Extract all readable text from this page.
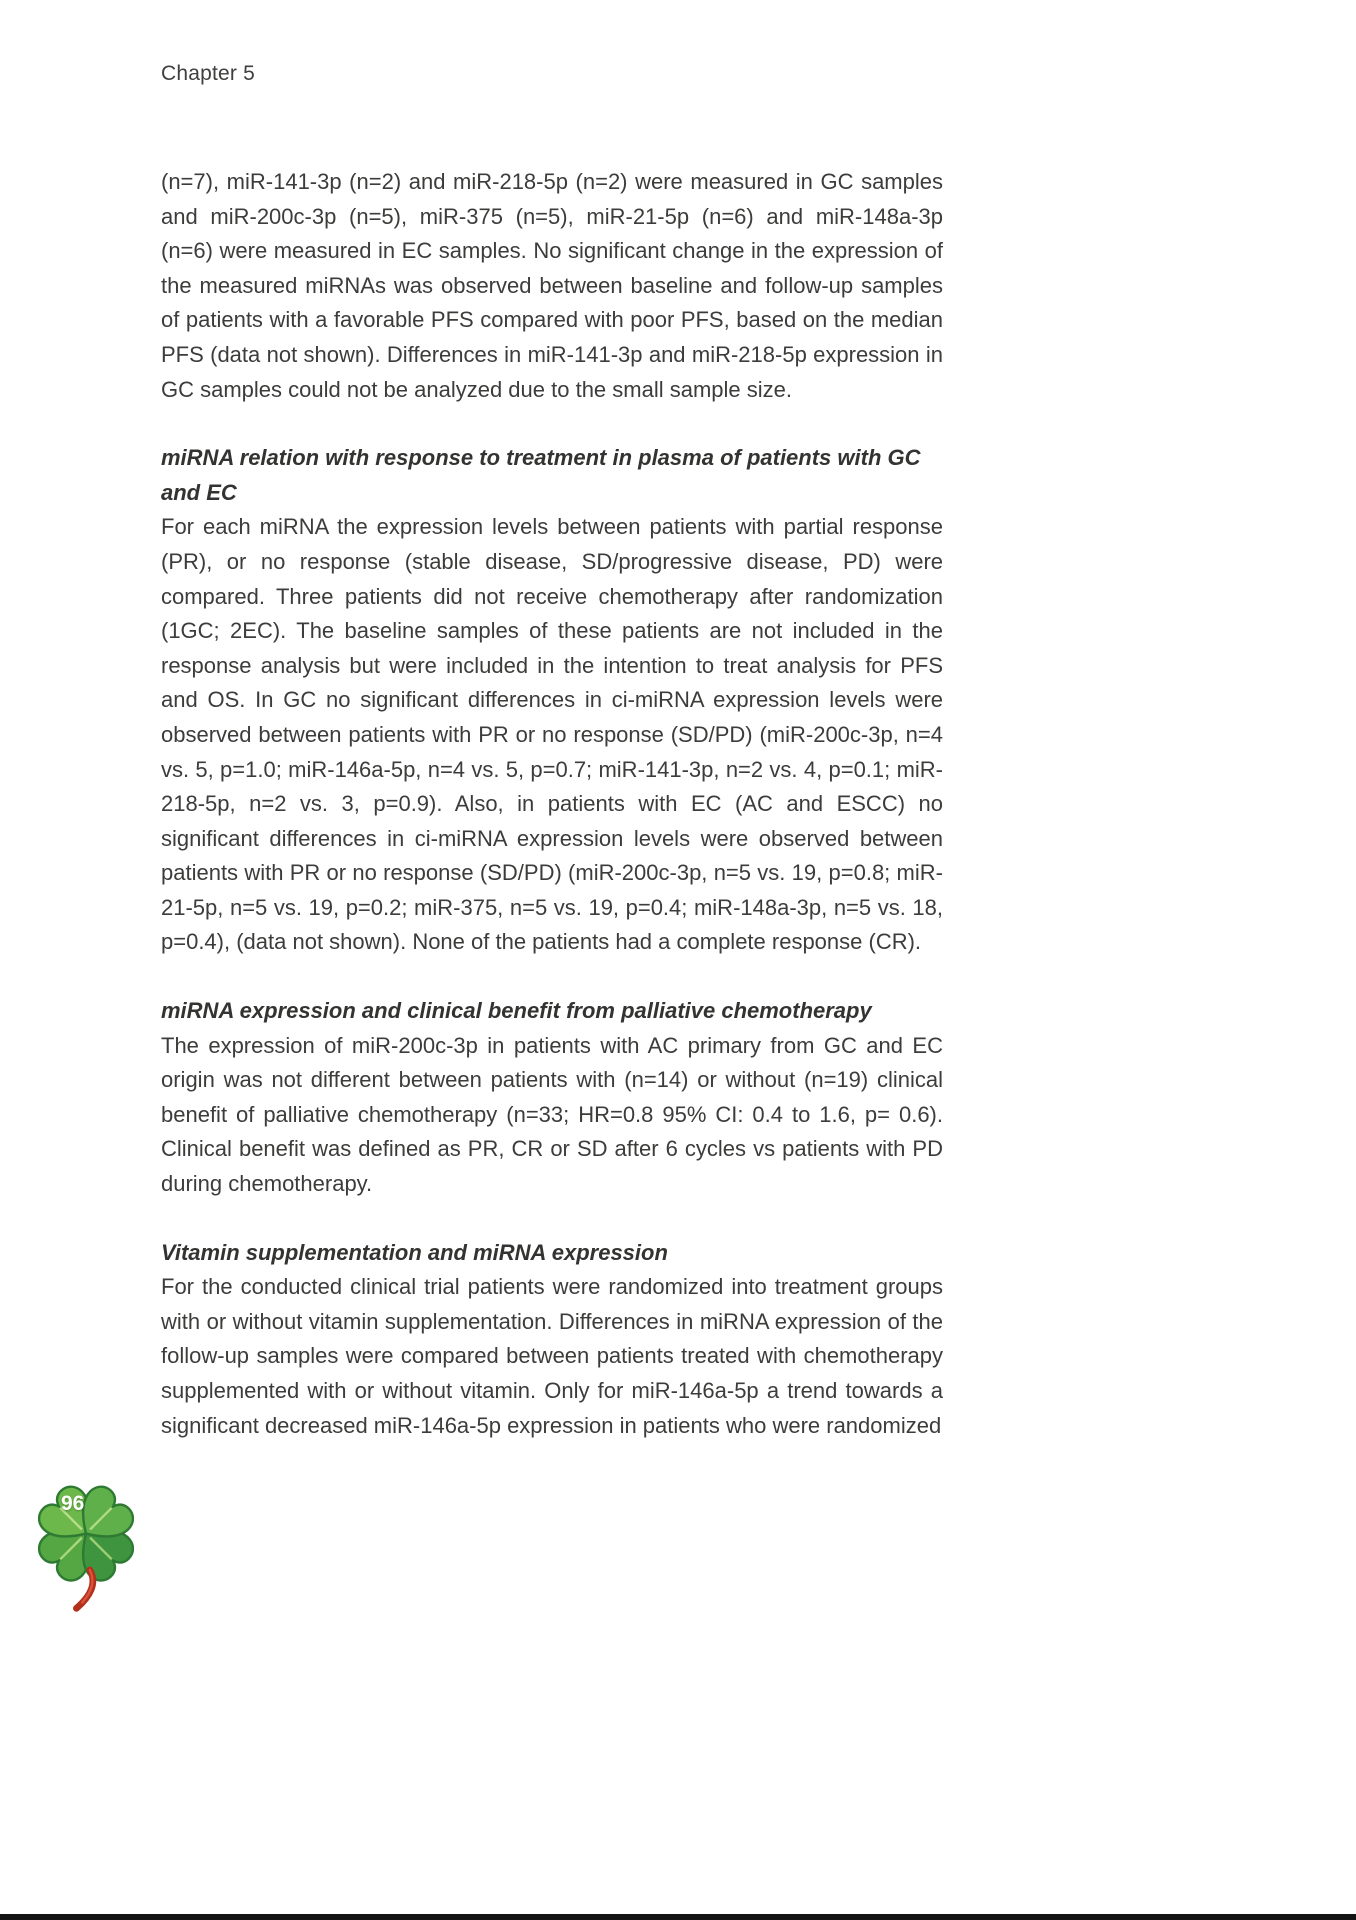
Chapter 5

(n=7), miR-141-3p (n=2) and miR-218-5p (n=2) were measured in GC samples and miR-200c-3p (n=5), miR-375 (n=5), miR-21-5p (n=6) and miR-148a-3p (n=6) were measured in EC samples. No significant change in the expression of the measured miRNAs was observed between baseline and follow-up samples of patients with a favorable PFS compared with poor PFS, based on the median PFS (data not shown). Differences in miR-141-3p and miR-218-5p expression in GC samples could not be analyzed due to the small sample size.

miRNA relation with response to treatment in plasma of patients with GC and EC

For each miRNA the expression levels between patients with partial response (PR), or no response (stable disease, SD/progressive disease, PD) were compared. Three patients did not receive chemotherapy after randomization (1GC; 2EC). The baseline samples of these patients are not included in the response analysis but were included in the intention to treat analysis for PFS and OS. In GC no significant differences in ci-miRNA expression levels were observed between patients with PR or no response (SD/PD) (miR-200c-3p, n=4 vs. 5, p=1.0; miR-146a-5p, n=4 vs. 5, p=0.7; miR-141-3p, n=2 vs. 4, p=0.1; miR-218-5p, n=2 vs. 3, p=0.9). Also, in patients with EC (AC and ESCC) no significant differences in ci-miRNA expression levels were observed between patients with PR or no response (SD/PD) (miR-200c-3p, n=5 vs. 19, p=0.8; miR-21-5p, n=5 vs. 19, p=0.2; miR-375, n=5 vs. 19, p=0.4; miR-148a-3p, n=5 vs. 18, p=0.4), (data not shown). None of the patients had a complete response (CR).

miRNA expression and clinical benefit from palliative chemotherapy

The expression of miR-200c-3p in patients with AC primary from GC and EC origin was not different between patients with (n=14) or without (n=19) clinical benefit of palliative chemotherapy (n=33; HR=0.8 95% CI: 0.4 to 1.6, p= 0.6). Clinical benefit was defined as PR, CR or SD after 6 cycles vs patients with PD during chemotherapy.

Vitamin supplementation and miRNA expression

For the conducted clinical trial patients were randomized into treatment groups with or without vitamin supplementation. Differences in miRNA expression of the follow-up samples were compared between patients treated with chemotherapy supplemented with or without vitamin. Only for miR-146a-5p a trend towards a significant decreased miR-146a-5p expression in patients who were randomized

96
